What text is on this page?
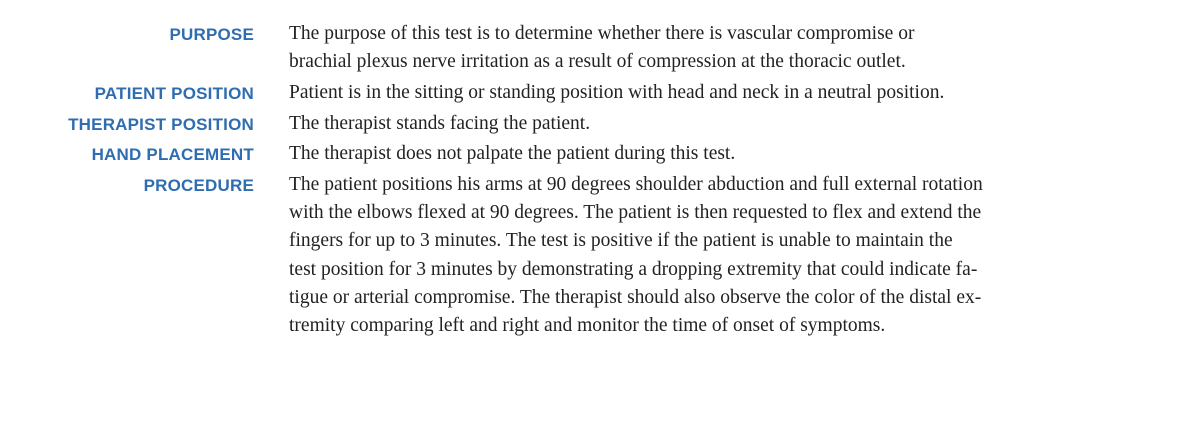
PURPOSE The purpose of this test is to determine whether there is vascular compromise or
brachial plexus nerve irritation as a result of compression at the thoracic outlet.
PATIENT POSITION Patient is in the sitting or standing position with head and neck in a neutral position.
THERAPIST POSITION The therapist stands facing the patient.
HAND PLACEMENT The therapist does not palpate the patient during this test.
PROCEDURE The patient positions his arms at 90 degrees shoulder abduction and full external rotation
with the elbows flexed at 90 degrees. The patient is then requested to flex and extend the
fingers for up to 3 minutes. The test is positive if the patient is unable to maintain the
test position for 3 minutes by demonstrating a dropping extremity that could indicate fa-
tigue or arterial compromise. The therapist should also observe the color of the distal ex-
tremity comparing left and right and monitor the time of onset of symptoms.
